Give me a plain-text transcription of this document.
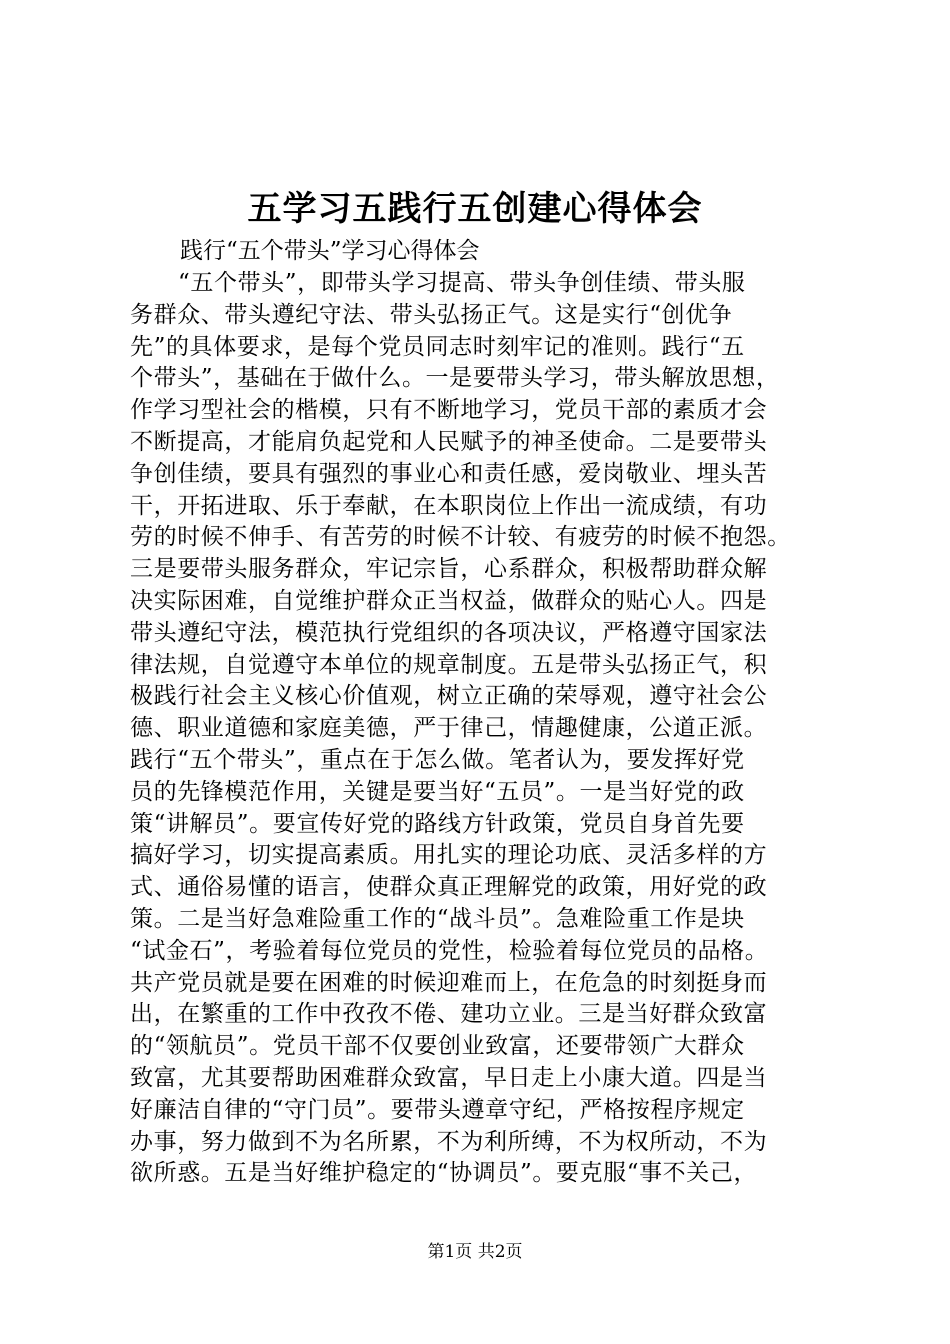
五学习五践行五创建心得体会
践行“五个带头”学习心得体会
“五个带头”，即带头学习提高、带头争创佳绩、带头服
务群众、带头遵纪守法、带头弘扬正气。这是实行“创优争
先”的具体要求，是每个党员同志时刻牢记的准则。践行“五
个带头”，基础在于做什么。一是要带头学习，带头解放思想，
作学习型社会的楷模，只有不断地学习，党员干部的素质才会
不断提高，才能肩负起党和人民赋予的神圣使命。二是要带头
争创佳绩，要具有强烈的事业心和责任感，爱岗敬业、埋头苦
干，开拓进取、乐于奉献，在本职岗位上作出一流成绩，有功
劳的时候不伸手、有苦劳的时候不计较、有疲劳的时候不抱怨。
三是要带头服务群众，牢记宗旨，心系群众，积极帮助群众解
决实际困难，自觉维护群众正当权益，做群众的贴心人。四是
带头遵纪守法，模范执行党组织的各项决议，严格遵守国家法
律法规，自觉遵守本单位的规章制度。五是带头弘扬正气，积
极践行社会主义核心价值观，树立正确的荣辱观，遵守社会公
德、职业道德和家庭美德，严于律己，情趣健康，公道正派。
践行“五个带头”，重点在于怎么做。笔者认为，要发挥好党
员的先锋模范作用，关键是要当好“五员”。一是当好党的政
策“讲解员”。要宣传好党的路线方针政策，党员自身首先要
搞好学习，切实提高素质。用扎实的理论功底、灵活多样的方
式、通俗易懂的语言，使群众真正理解党的政策，用好党的政
策。二是当好急难险重工作的“战斗员”。急难险重工作是块
“试金石”，考验着每位党员的党性，检验着每位党员的品格。
共产党员就是要在困难的时候迎难而上，在危急的时刻挺身而
出，在繁重的工作中孜孜不倦、建功立业。三是当好群众致富
的“领航员”。党员干部不仅要创业致富，还要带领广大群众
致富，尤其要帮助困难群众致富，早日走上小康大道。四是当
好廉洁自律的“守门员”。要带头遵章守纪，严格按程序规定
办事，努力做到不为名所累，不为利所缚，不为权所动，不为
欲所惑。五是当好维护稳定的“协调员”。要克服“事不关己，
第1页 共2页
